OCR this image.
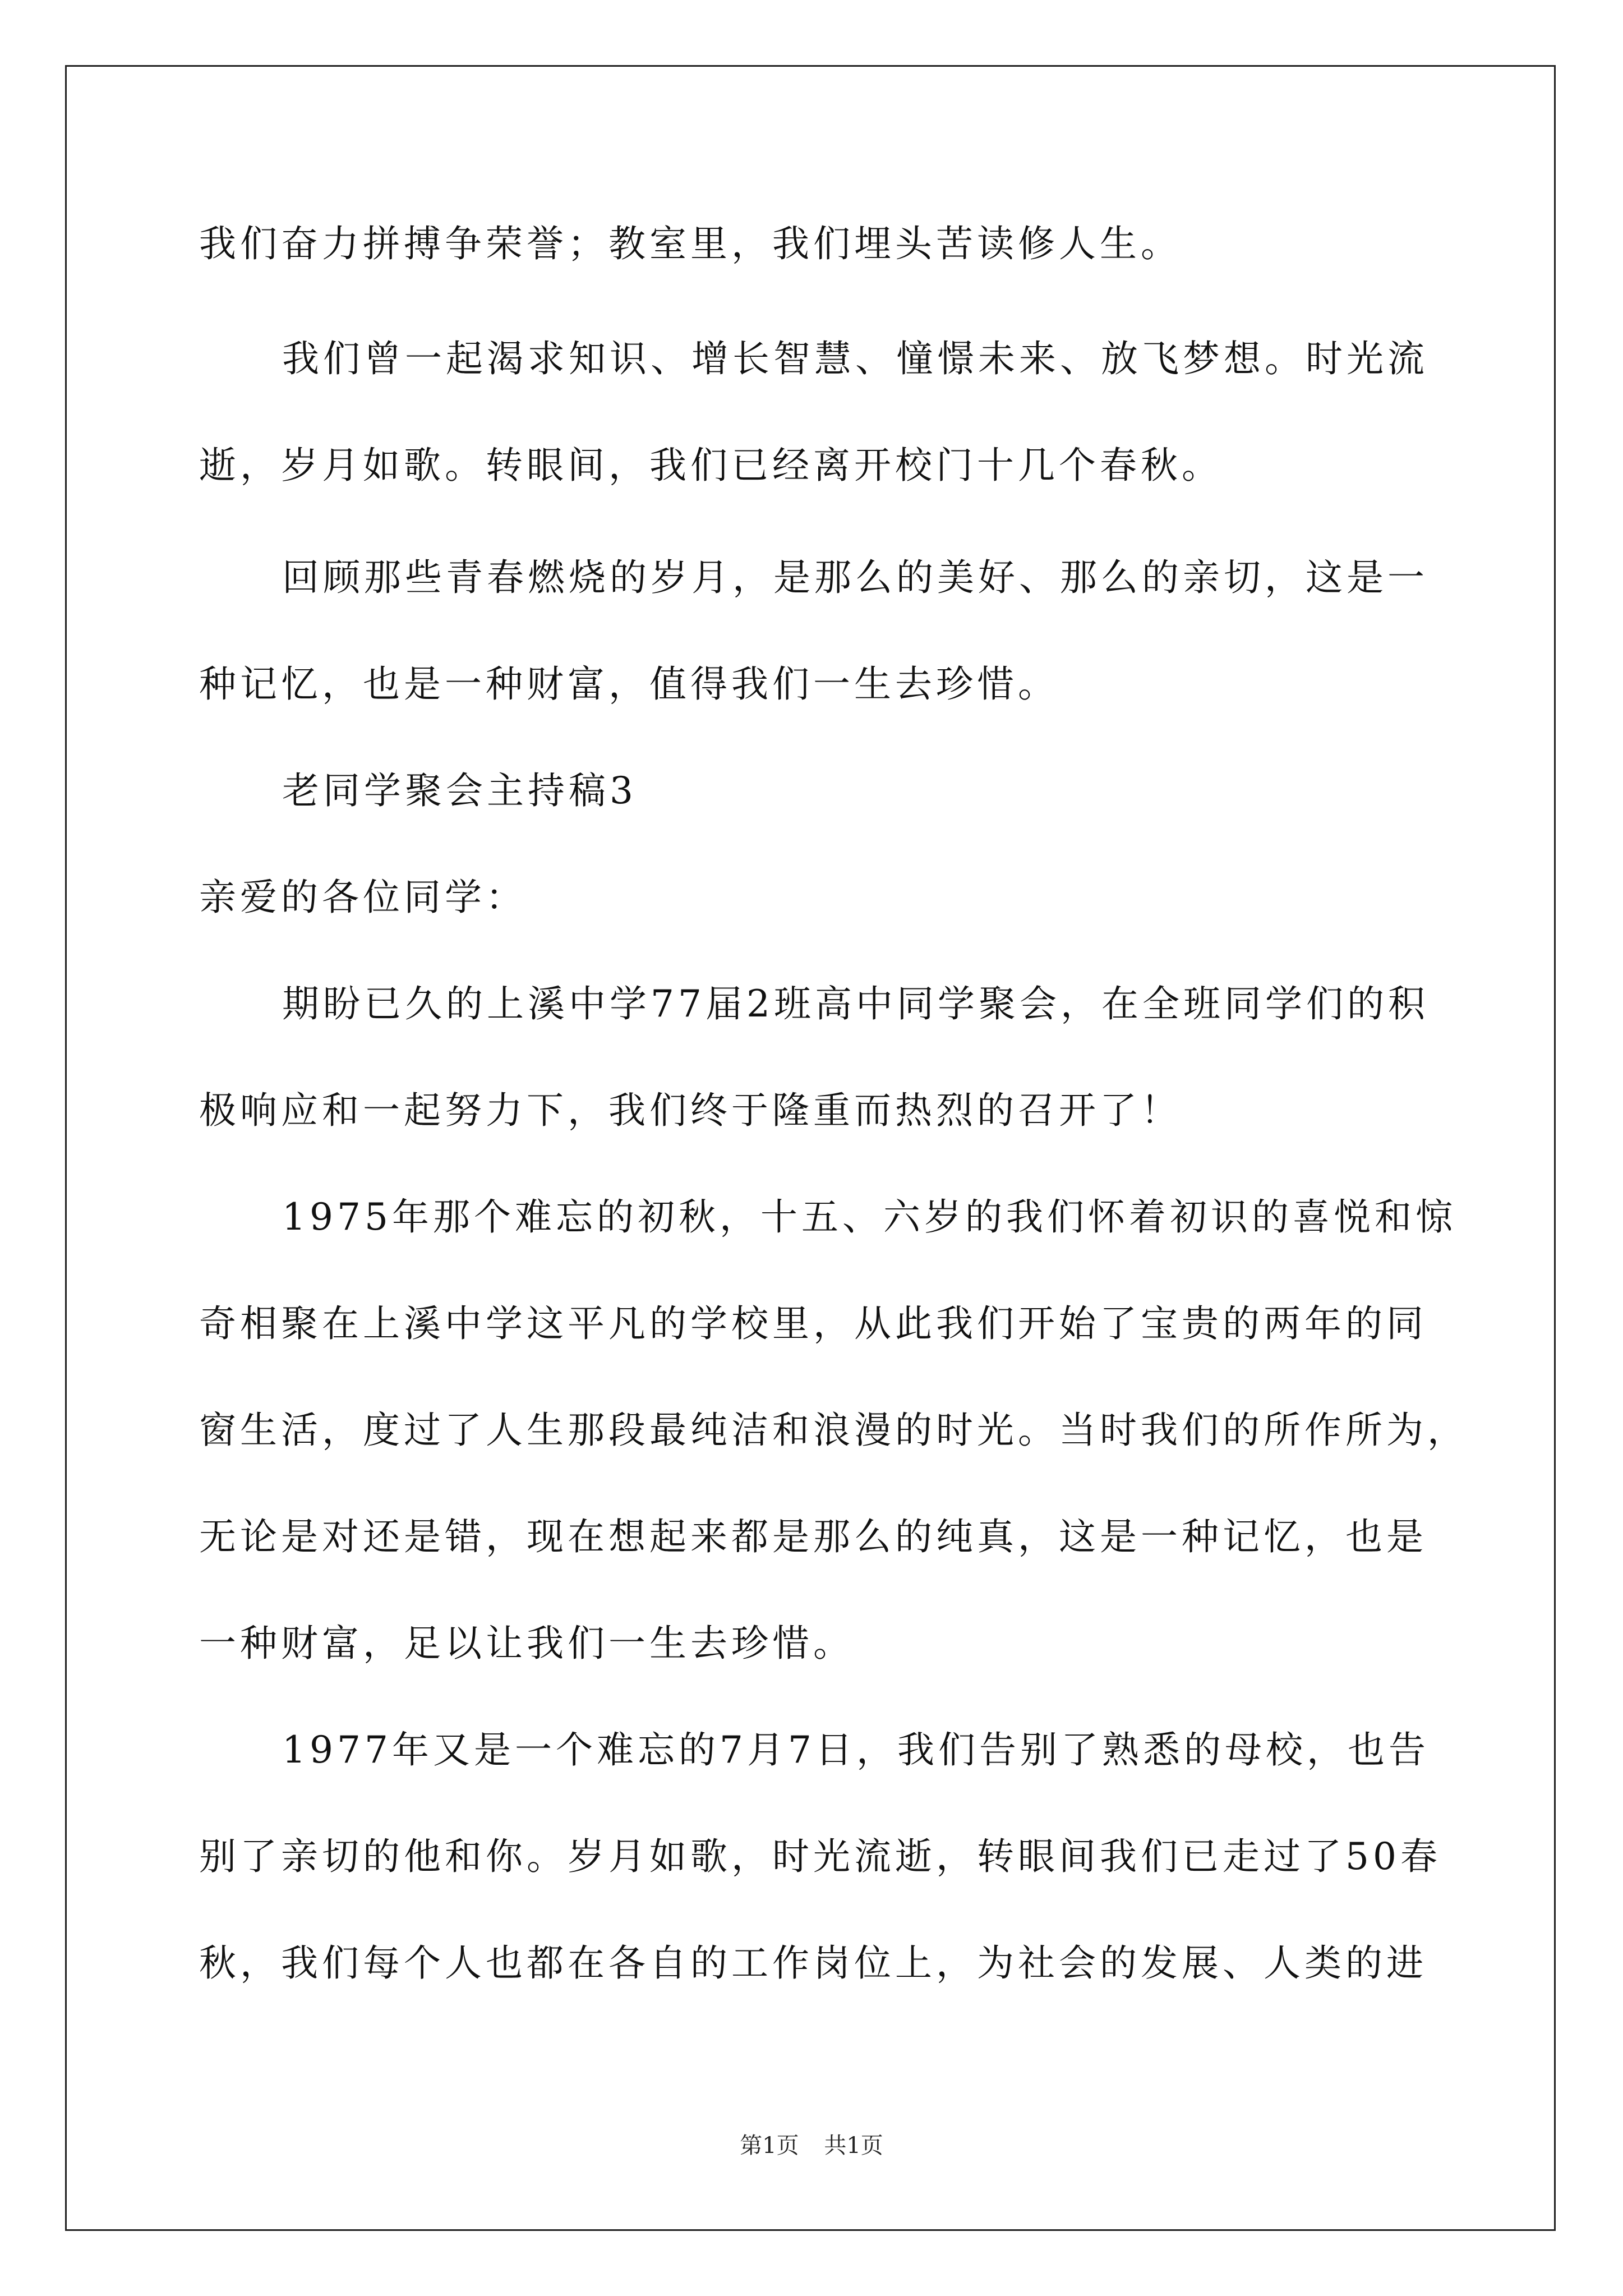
我们奋力拼搏争荣誉；教室里，我们埋头苦读修人生。
我们曾一起渴求知识、增长智慧、憧憬未来、放飞梦想。时光流
逝，岁月如歌。转眼间，我们已经离开校门十几个春秋。
回顾那些青春燃烧的岁月，是那么的美好、那么的亲切，这是一
种记忆，也是一种财富，值得我们一生去珍惜。
老同学聚会主持稿3
亲爱的各位同学：
期盼已久的上溪中学77届2班高中同学聚会，在全班同学们的积
极响应和一起努力下，我们终于隆重而热烈的召开了！
1975年那个难忘的初秋，十五、六岁的我们怀着初识的喜悦和惊
奇相聚在上溪中学这平凡的学校里，从此我们开始了宝贵的两年的同
窗生活，度过了人生那段最纯洁和浪漫的时光。当时我们的所作所为，
无论是对还是错，现在想起来都是那么的纯真，这是一种记忆，也是
一种财富，足以让我们一生去珍惜。
1977年又是一个难忘的7月7日，我们告别了熟悉的母校，也告
别了亲切的他和你。岁月如歌，时光流逝，转眼间我们已走过了50春
秋，我们每个人也都在各自的工作岗位上，为社会的发展、人类的进
第1页 共1页
